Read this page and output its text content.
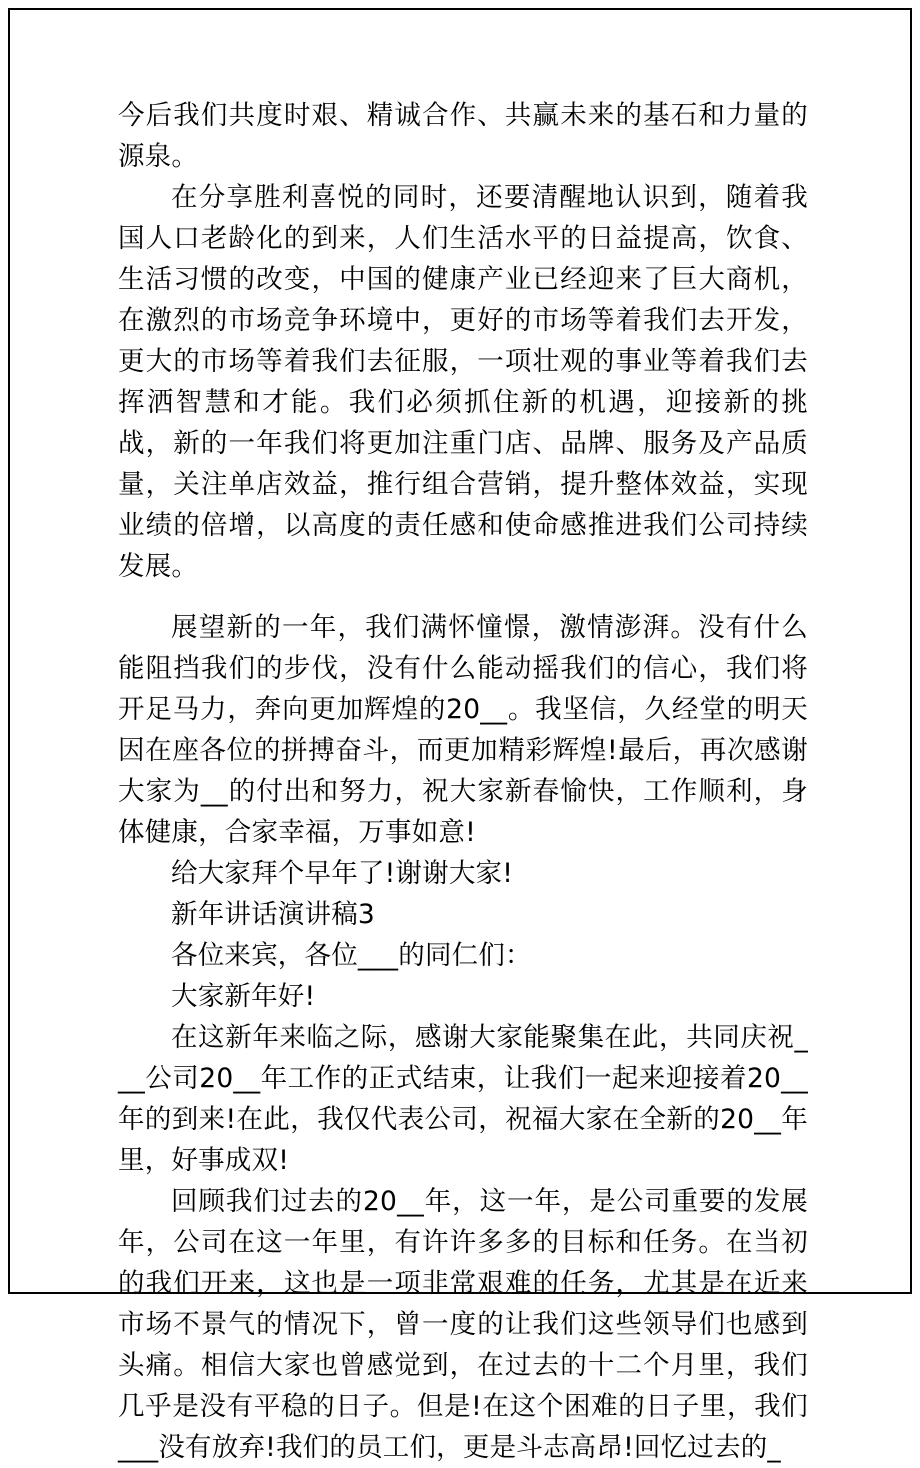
今后我们共度时艰、精诚合作、共赢未来的基石和力量的源泉。

在分享胜利喜悦的同时，还要清醒地认识到，随着我国人口老龄化的到来，人们生活水平的日益提高，饮食、生活习惯的改变，中国的健康产业已经迎来了巨大商机，在激烈的市场竞争环境中，更好的市场等着我们去开发，更大的市场等着我们去征服，一项壮观的事业等着我们去挥洒智慧和才能。我们必须抓住新的机遇，迎接新的挑战，新的一年我们将更加注重门店、品牌、服务及产品质量，关注单店效益，推行组合营销，提升整体效益，实现业绩的倍增，以高度的责任感和使命感推进我们公司持续发展。

展望新的一年，我们满怀憧憬，激情澎湃。没有什么能阻挡我们的步伐，没有什么能动摇我们的信心，我们将开足马力，奔向更加辉煌的20__。我坚信，久经堂的明天因在座各位的拼搏奋斗，而更加精彩辉煌!最后，再次感谢大家为__的付出和努力，祝大家新春愉快，工作顺利，身体健康，合家幸福，万事如意!

给大家拜个早年了!谢谢大家!

新年讲话演讲稿3

各位来宾，各位___的同仁们：

大家新年好!

在这新年来临之际，感谢大家能聚集在此，共同庆祝___公司20__年工作的正式结束，让我们一起来迎接着20__年的到来!在此，我仅代表公司，祝福大家在全新的20__年里，好事成双!

回顾我们过去的20__年，这一年，是公司重要的发展年，公司在这一年里，有许许多多的目标和任务。在当初的我们开来，这也是一项非常艰难的任务，尤其是在近来市场不景气的情况下，曾一度的让我们这些领导们也感到头痛。相信大家也曾感觉到，在过去的十二个月里，我们几乎是没有平稳的日子。但是!在这个困难的日子里，我们___没有放弃!我们的员工们，更是斗志高昂!回忆过去的_
